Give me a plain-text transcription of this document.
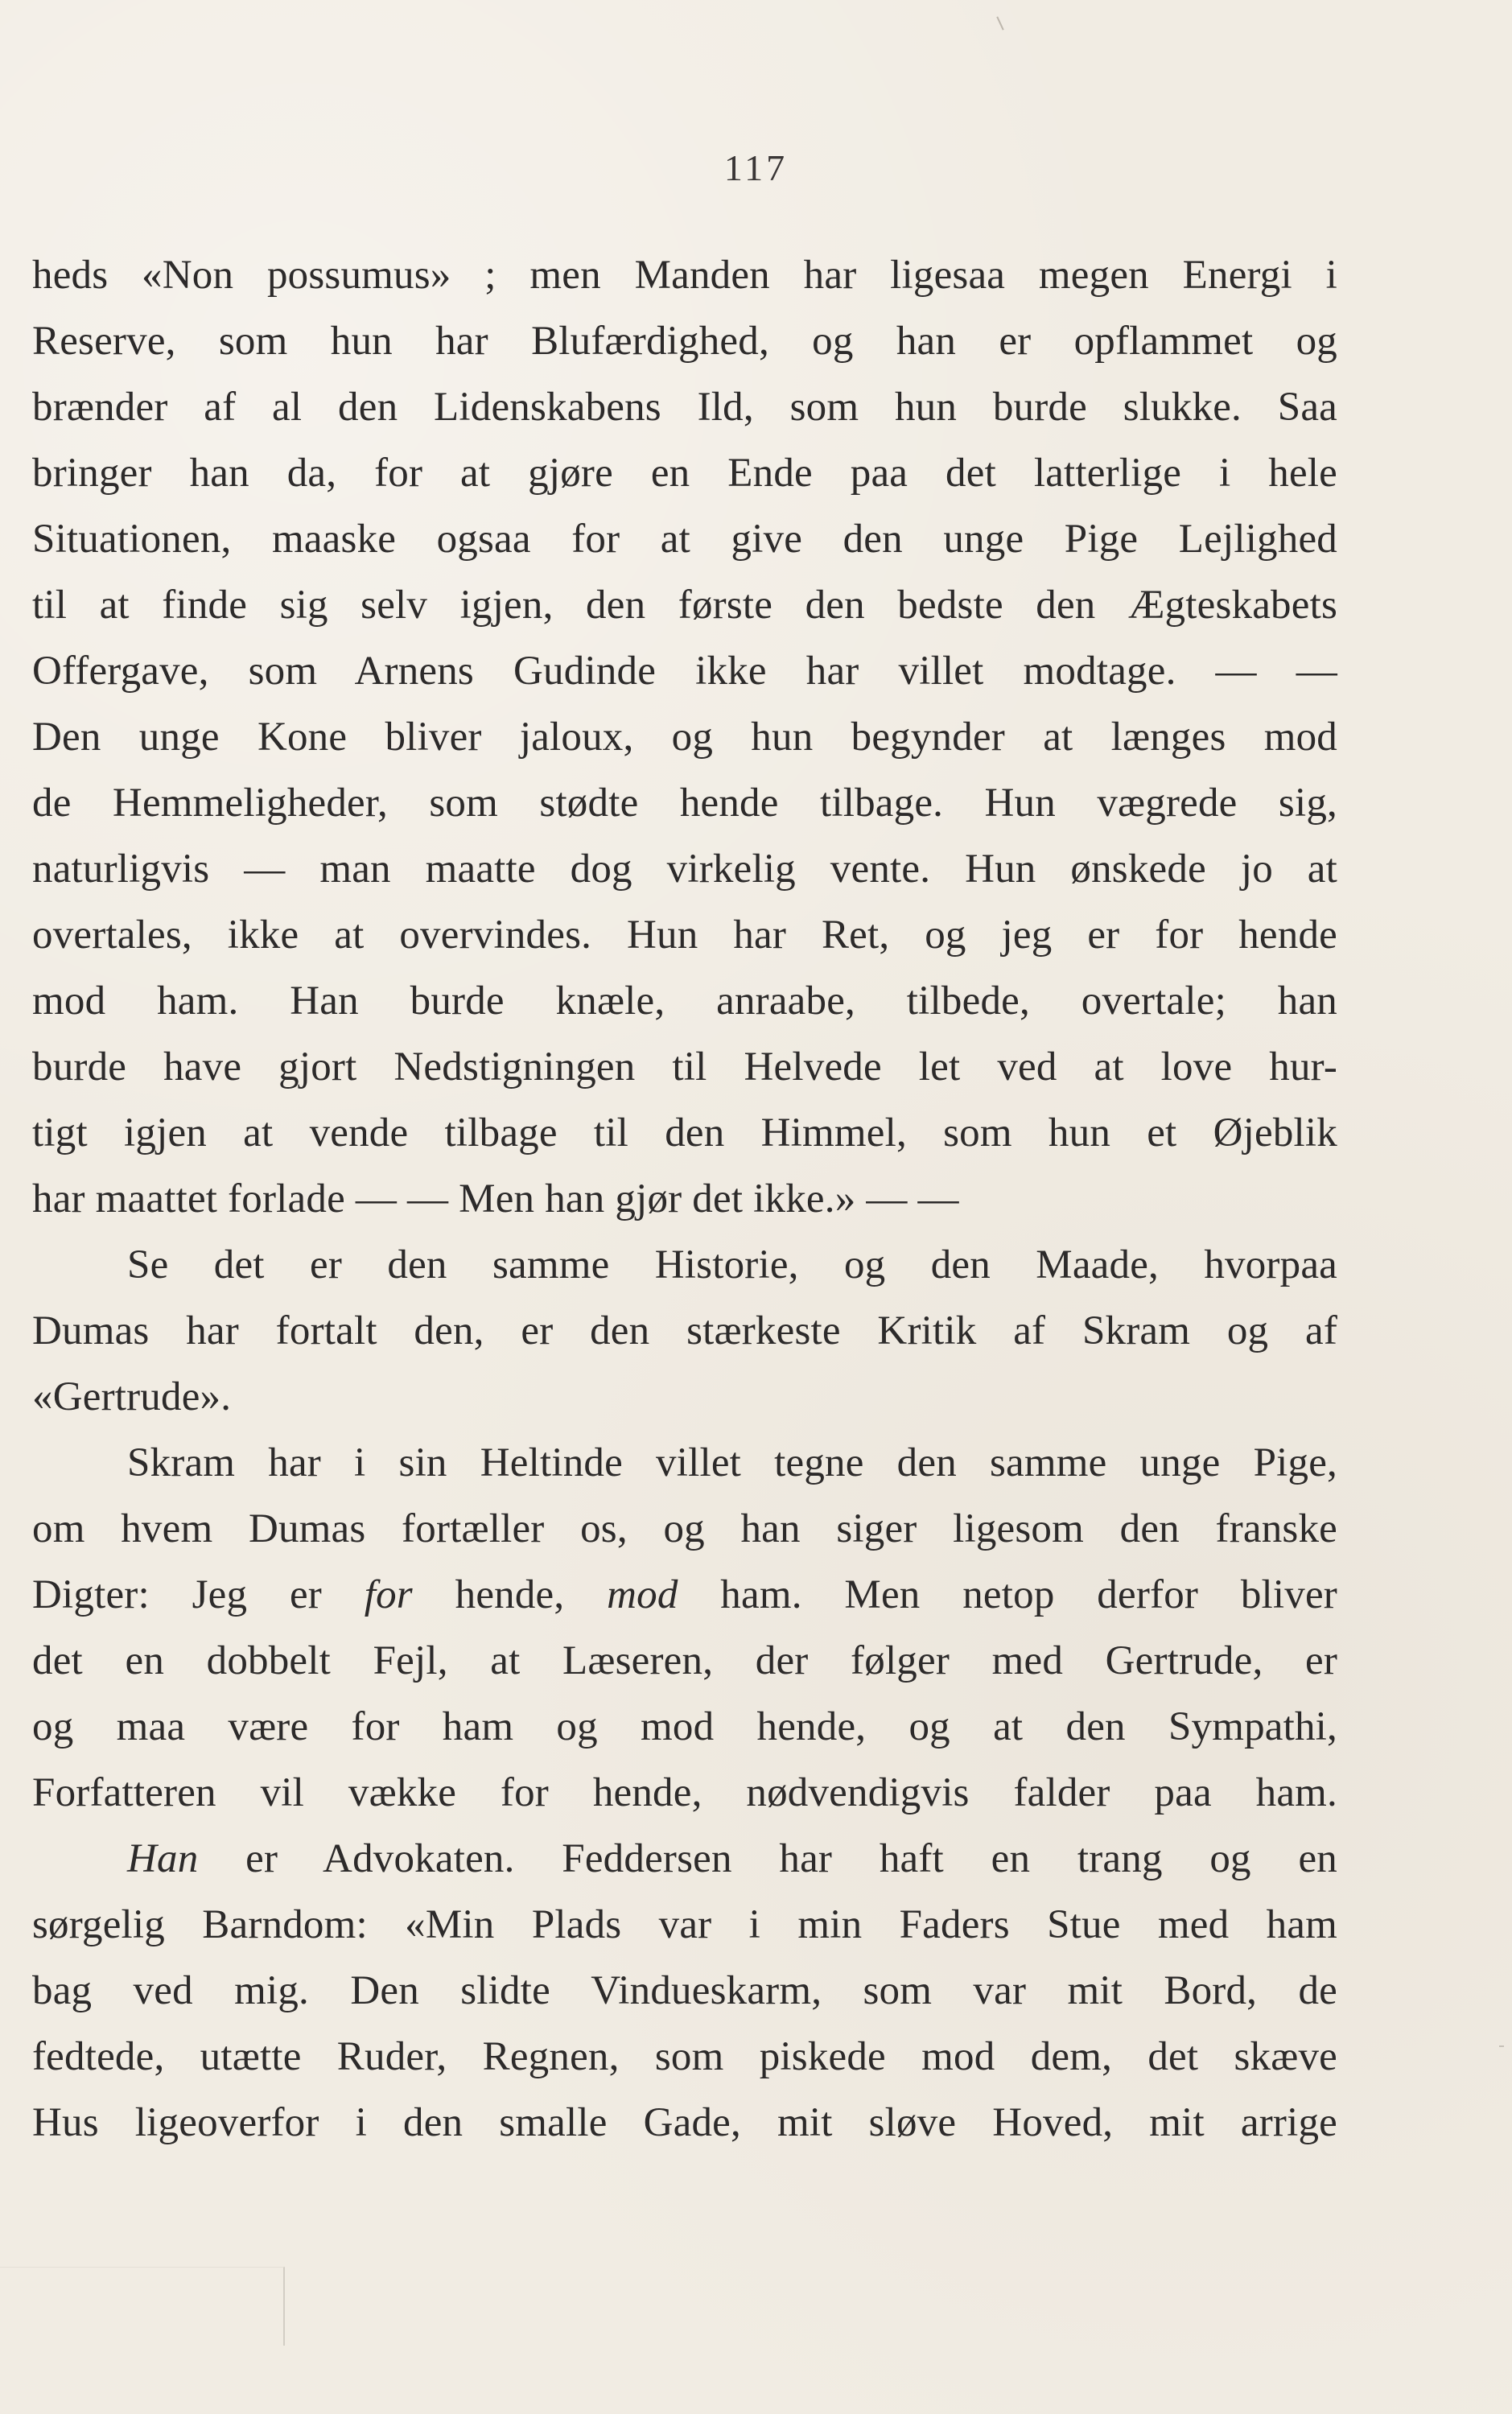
117
heds «Non possumus» ; men Manden har ligesaa megen Energi i
Reserve, som hun har Blufærdighed, og han er opflammet og
brænder af al den Lidenskabens Ild, som hun burde slukke. Saa
bringer han da, for at gjøre en Ende paa det latterlige i hele
Situationen, maaske ogsaa for at give den unge Pige Lejlighed
til at finde sig selv igjen, den første den bedste den Ægteskabets
Offergave, som Arnens Gudinde ikke har villet modtage. — —
Den unge Kone bliver jaloux, og hun begynder at længes mod
de Hemmeligheder, som stødte hende tilbage. Hun vægrede sig,
naturligvis — man maatte dog virkelig vente. Hun ønskede jo at
overtales, ikke at overvindes. Hun har Ret, og jeg er for hende
mod ham. Han burde knæle, anraabe, tilbede, overtale; han
burde have gjort Nedstigningen til Helvede let ved at love hur-
tigt igjen at vende tilbage til den Himmel, som hun et Øjeblik
har maattet forlade — — Men han gjør det ikke.» — —
Se det er den samme Historie, og den Maade, hvorpaa
Dumas har fortalt den, er den stærkeste Kritik af Skram og af
«Gertrude».
Skram har i sin Heltinde villet tegne den samme unge Pige,
om hvem Dumas fortæller os, og han siger ligesom den franske
Digter: Jeg er for hende, mod ham. Men netop derfor bliver
det en dobbelt Fejl, at Læseren, der følger med Gertrude, er
og maa være for ham og mod hende, og at den Sympathi,
Forfatteren vil vække for hende, nødvendigvis falder paa ham.
Han er Advokaten. Feddersen har haft en trang og en
sørgelig Barndom: «Min Plads var i min Faders Stue med ham
bag ved mig. Den slidte Vindueskarm, som var mit Bord, de
fedtede, utætte Ruder, Regnen, som piskede mod dem, det skæve
Hus ligeoverfor i den smalle Gade, mit sløve Hoved, mit arrige
